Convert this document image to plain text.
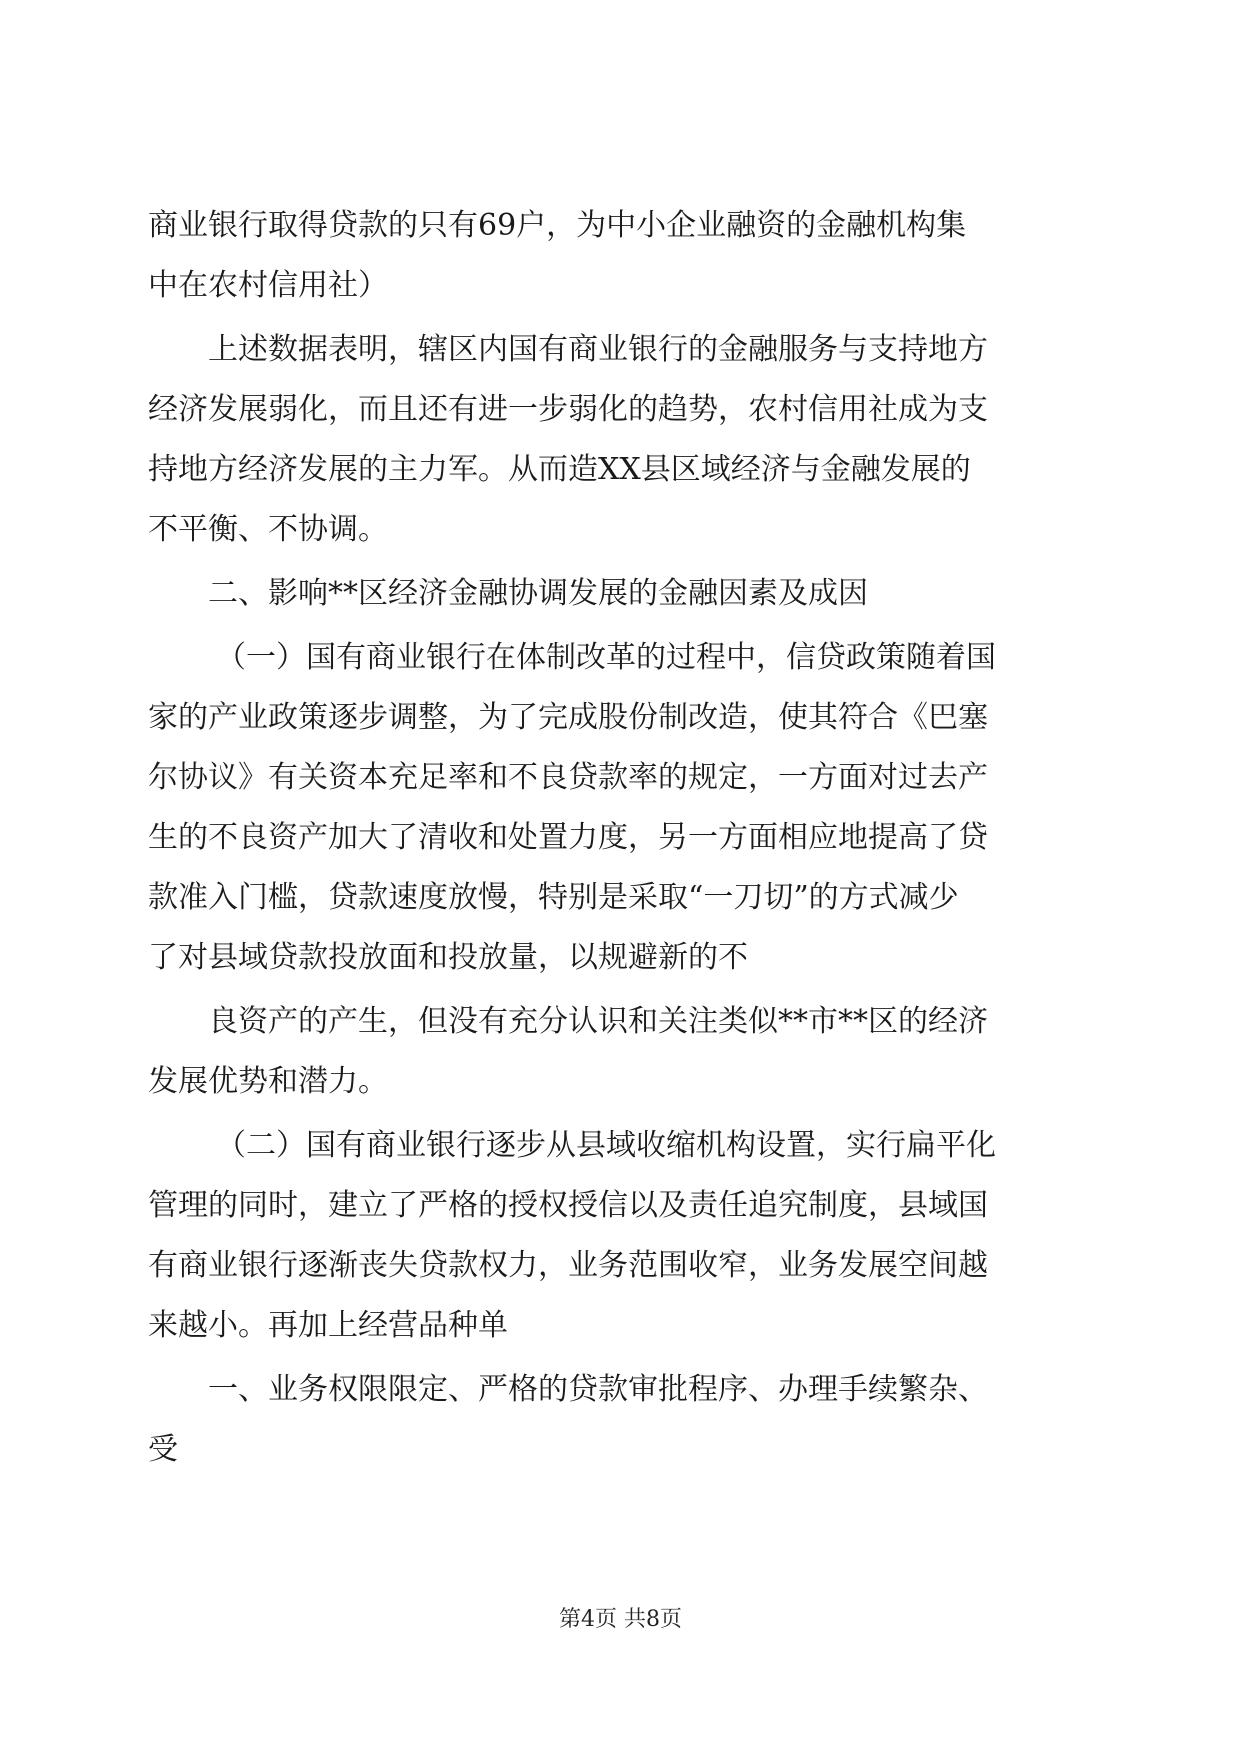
商业银行取得贷款的只有69户，为中小企业融资的金融机构集
中在农村信用社）
上述数据表明，辖区内国有商业银行的金融服务与支持地方
经济发展弱化，而且还有进一步弱化的趋势，农村信用社成为支
持地方经济发展的主力军。从而造XX县区域经济与金融发展的
不平衡、不协调。
二、影响**区经济金融协调发展的金融因素及成因
（一）国有商业银行在体制改革的过程中，信贷政策随着国
家的产业政策逐步调整，为了完成股份制改造，使其符合《巴塞
尔协议》有关资本充足率和不良贷款率的规定，一方面对过去产
生的不良资产加大了清收和处置力度，另一方面相应地提高了贷
款准入门槛，贷款速度放慢，特别是采取“一刀切”的方式减少
了对县域贷款投放面和投放量，以规避新的不
良资产的产生，但没有充分认识和关注类似**市**区的经济
发展优势和潜力。
（二）国有商业银行逐步从县域收缩机构设置，实行扁平化
管理的同时，建立了严格的授权授信以及责任追究制度，县域国
有商业银行逐渐丧失贷款权力，业务范围收窄，业务发展空间越
来越小。再加上经营品种单
一、业务权限限定、严格的贷款审批程序、办理手续繁杂、
受
第4页 共8页
